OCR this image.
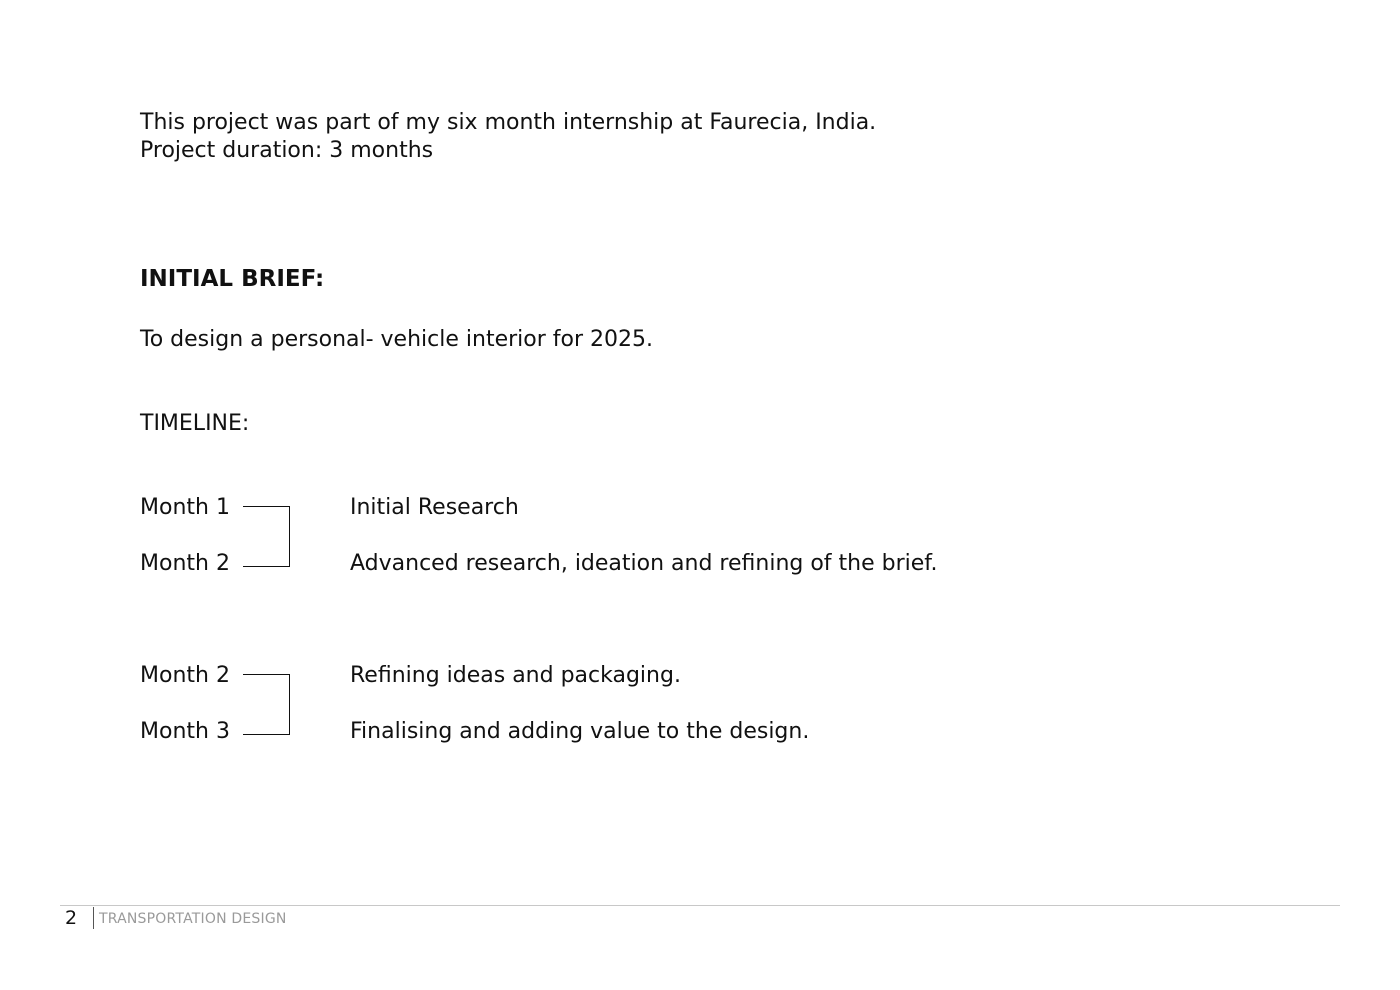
This project was part of my six month internship at Faurecia, India.

Project duration: 3 months

INITIAL BRIEF:

To design a personal- vehicle interior for 2025.

TIMELINE:

Month 1
Month 2
Initial Research
Advanced research, ideation and refining of the brief.
Month 2
Month 3
Refining ideas and packaging.
Finalising and adding value to the design.
2 TRANSPORTATION DESIGN
